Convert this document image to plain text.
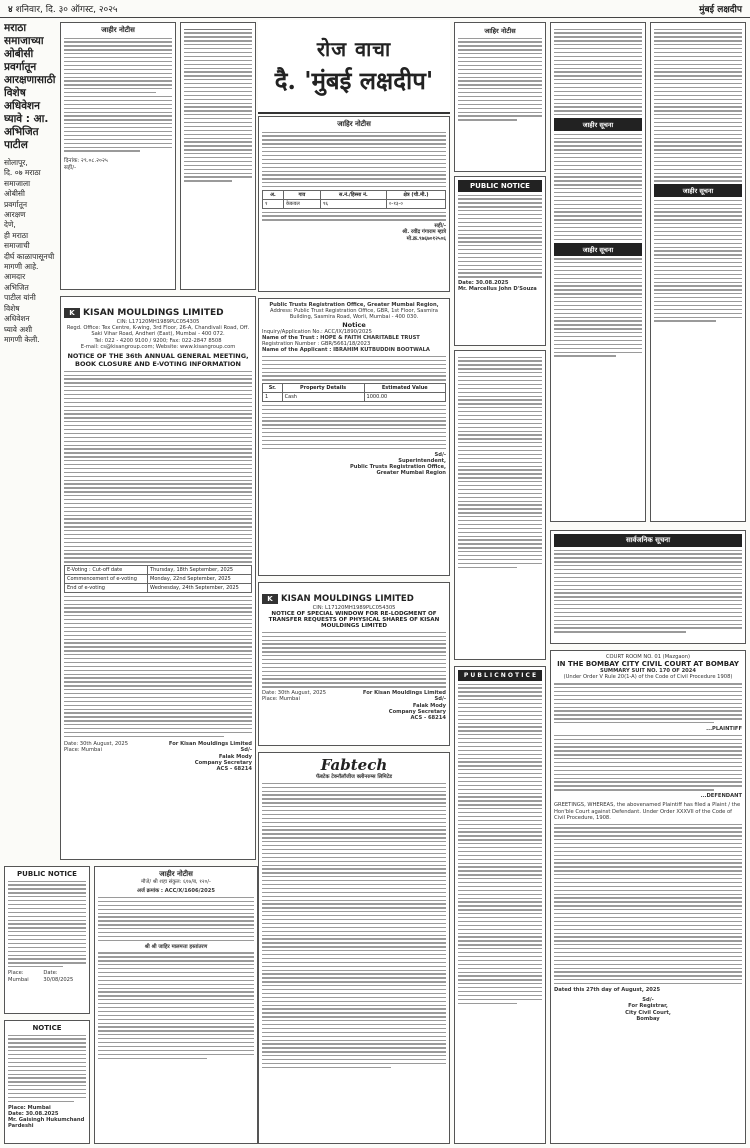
४ शनिवार, दि. ३० ऑगस्ट, २०२५	मुंबई लक्षदीप
मराठा
समाजाच्या
ओबीसी
प्रवर्गातून
आरक्षणासाठी
विशेष
अधिवेशन
घ्यावे : आ.
अभिजित
पाटील
सोलापूर,
दि. ०७ मराठा
समाजाला
ओबीसी
प्रवर्गातून
आरक्षण
देणे,
ही मराठा
समाजाची
दीर्घ काळापासूनची
मागणी आहे.
आमदार
अभिजित
पाटील यांनी
विशेष
अधिवेशन
घ्यावे अशी
मागणी केली.
जाहीर नोटीस
दिनांक: २९.०८.२०२५
सही/-
K KISAN MOULDINGS LIMITED
CIN: L17120MH1989PLC054305
Regd. Office: Tex Centre, K-wing, 3rd Floor, 26-A, Chandivali Road, Off. Saki Vihar Road, Andheri (East), Mumbai - 400 072.
Tel: 022 - 4200 9100 / 9200; Fax: 022-2847 8508
E-mail: cs@kisangroup.com; Website: www.kisangroup.com
NOTICE OF THE 36th ANNUAL GENERAL MEETING, BOOK CLOSURE AND E-VOTING INFORMATION
E-Voting : Cut-off date	Thursday, 18th September, 2025
Commencement of e-voting	Monday, 22nd September, 2025
End of e-voting	Wednesday, 24th September, 2025
Date: 30th August, 2025
Place: Mumbai
For Kisan Mouldings Limited
Sd/-
Falak Mody
Company Secretary
ACS - 68214
PUBLIC NOTICE
Place: Mumbai
Date: 30/08/2025
NOTICE
Place: Mumbai
Date: 30.08.2025
Mr. Gaisingh Hukumchand Pardeshi
जाहीर नोटीस
मौजे/ श्री शहा संकुल: ६१७/ब, १२०/-
अर्ज क्रमांक : ACC/X/1606/2025
श्री श्री जाहिर मालमत्ता हस्तांतरण
रोज वाचा
दै. 'मुंबई लक्षदीप'
जाहिर नोटीस
अ.	गाव	स.नं./हिस्सा नं.	क्षेत्र (चौ.मी.)
१	केकवल	९६	०-१३-०
सही/-
श्री. रवींद्र गंगाराम म्हात्रे
मो.क्र.९७६७०१२५०६
Public Trusts Registration Office, Greater Mumbai Region,
Address: Public Trust Registration Office, GBR, 1st Floor, Sasmira Building, Sasmira Road, Worli, Mumbai - 400 030.
Notice
Inquiry/Application No.: ACC/IX/1890/2025
Name of the Trust : HOPE & FAITH CHARITABLE TRUST
Registration Number : GBR/5661/18/2023
Name of the Applicant : IBRAHIM KUTBUDDIN BOOTWALA
Sr.	Property Details	Estimated Value
1	Cash	1000.00
Sd/-
Superintendent,
Public Trusts Registration Office,
Greater Mumbai Region
K KISAN MOULDINGS LIMITED
CIN: L17120MH1989PLC054305
NOTICE OF SPECIAL WINDOW FOR RE-LODGMENT OF TRANSFER REQUESTS OF PHYSICAL SHARES OF KISAN MOULDINGS LIMITED
Date: 30th August, 2025
Place: Mumbai
For Kisan Mouldings Limited
Sd/-
Falak Mody
Company Secretary
ACS - 68214
Fabtech
फॅबटेक टेक्नॉलॉजीज क्लीनरुम्स लिमिटेड
जाहिर नोटीस
PUBLIC NOTICE
Date: 30.08.2025
Mr. Marcellus John D'Souza
P U B L I C N O T I C E
जाहीर सूचना
जाहीर सूचना
जाहीर सूचना
सार्वजनिक सूचना
COURT ROOM NO. 01 (Mazgaon)
IN THE BOMBAY CITY CIVIL COURT AT BOMBAY
SUMMARY SUIT NO. 170 OF 2024
(Under Order V Rule 20(1-A) of the Code of Civil Procedure 1908)
...PLAINTIFF
...DEFENDANT
GREETINGS, WHEREAS, the abovenamed Plaintiff has filed a Plaint / the Hon'ble Court against Defendant. Under Order XXXVII of the Code of Civil Procedure, 1908.
Dated this 27th day of August, 2025
Sd/-
For Registrar,
City Civil Court,
Bombay
